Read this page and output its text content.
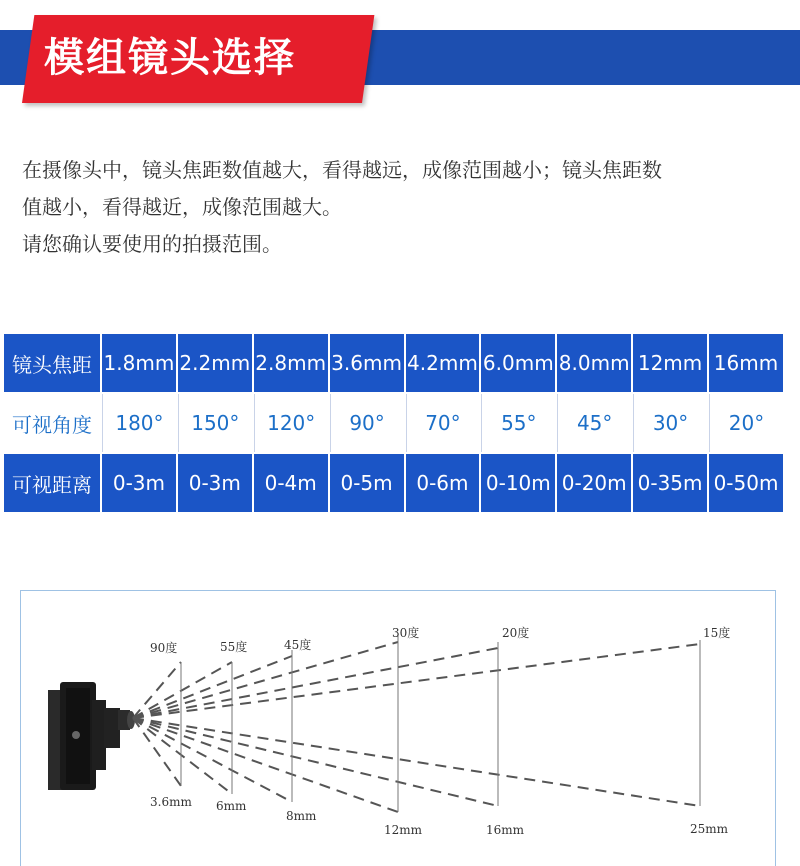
模组镜头选择
在摄像头中，镜头焦距数值越大，看得越远，成像范围越小；镜头焦距数
值越小，看得越近，成像范围越大。
请您确认要使用的拍摄范围。
镜头焦距	1.8mm	2.2mm	2.8mm	3.6mm	4.2mm	6.0mm	8.0mm	12mm	16mm
可视角度	180°	150°	120°	90°	70°	55°	45°	30°	20°
可视距离	0-3m	0-3m	0-4m	0-5m	0-6m	0-10m	0-20m	0-35m	0-50m
90度	55度	45度
30度	20度	15度
3.6mm 6mm
8mm
12mm	16mm	25mm
